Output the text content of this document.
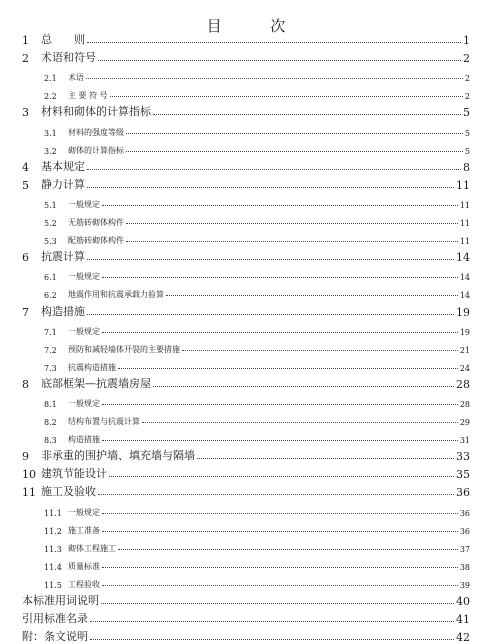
目 次
1	总　　则	1
2	术语和符号	2
2.1	术语	2
2.2	主 要 符 号	2
3	材料和砌体的计算指标	5
3.1	材料的强度等级	5
3.2	砌体的计算指标	5
4	基本规定	8
5	静力计算	11
5.1	一般规定	11
5.2	无筋砖砌体构件	11
5.3	配筋砖砌体构件	11
6	抗震计算	14
6.1	一般规定	14
6.2	地震作用和抗震承载力验算	14
7	构造措施	19
7.1	一般规定	19
7.2	预防和减轻墙体开裂的主要措施	21
7.3	抗震构造措施	24
8	底部框架—抗震墙房屋	28
8.1	一般规定	28
8.2	结构布置与抗震计算	29
8.3	构造措施	31
9	非承重的围护墙、填充墙与隔墙	33
10 建筑节能设计	35
11 施工及验收	36
11.1 一般规定	36
11.2 施工准备	36
11.3 砌体工程施工	37
11.4 质量标准	38
11.5 工程验收	39
本标准用词说明	40
引用标准名录	41
附：条文说明	42
